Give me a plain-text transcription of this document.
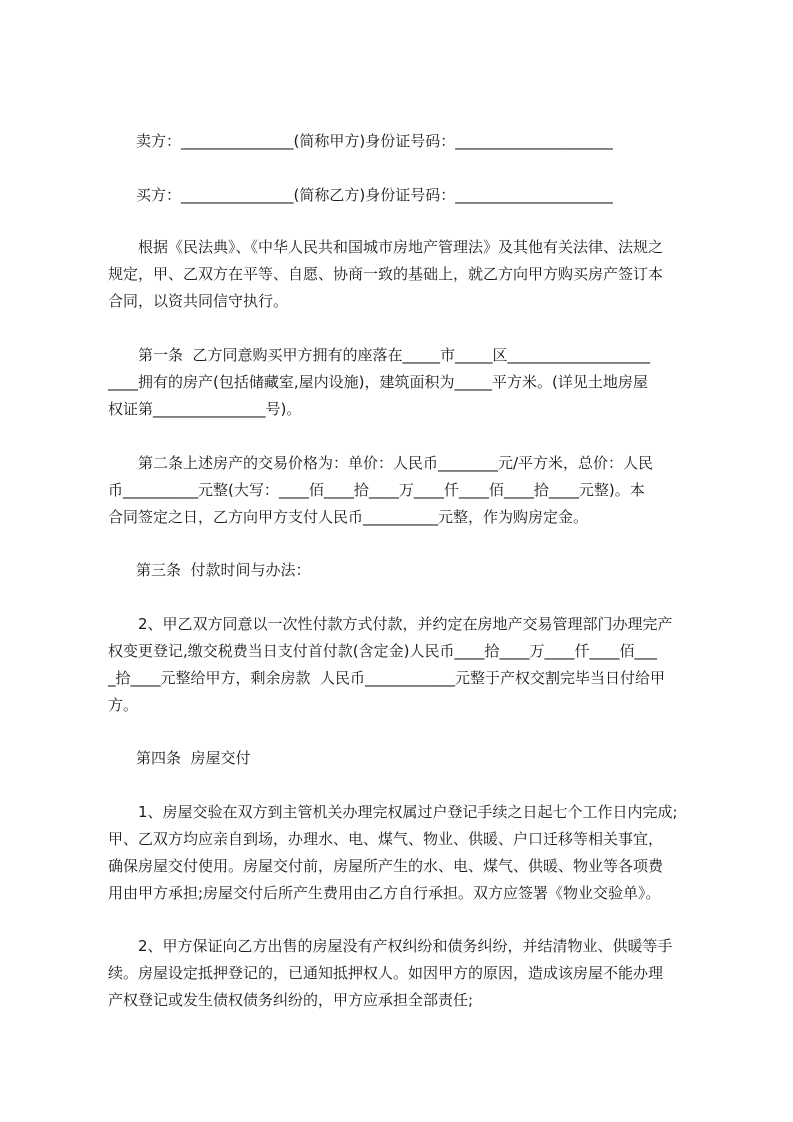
卖方：_______________(简称甲方)身份证号码：_____________________
买方：_______________(简称乙方)身份证号码：_____________________
根据《民法典》、《中华人民共和国城市房地产管理法》及其他有关法律、法规之
规定，甲、乙双方在平等、自愿、协商一致的基础上，就乙方向甲方购买房产签订本
合同，以资共同信守执行。
第一条  乙方同意购买甲方拥有的座落在_____市_____区___________________
____拥有的房产(包括储藏室,屋内设施)，建筑面积为_____平方米。(详见土地房屋
权证第_______________号)。
第二条上述房产的交易价格为：单价：人民币________元/平方米，总价：人民
币__________元整(大写：____佰____拾____万____仟____佰____拾____元整)。本
合同签定之日，乙方向甲方支付人民币__________元整，作为购房定金。
第三条  付款时间与办法：
2、甲乙双方同意以一次性付款方式付款，并约定在房地产交易管理部门办理完产
权变更登记,缴交税费当日支付首付款(含定金)人民币____拾____万____仟____佰___
_拾____元整给甲方，剩余房款  人民币____________元整于产权交割完毕当日付给甲
方。
第四条  房屋交付
1、房屋交验在双方到主管机关办理完权属过户登记手续之日起七个工作日内完成;
甲、乙双方均应亲自到场，办理水、电、煤气、物业、供暖、户口迁移等相关事宜，
确保房屋交付使用。房屋交付前，房屋所产生的水、电、煤气、供暖、物业等各项费
用由甲方承担;房屋交付后所产生费用由乙方自行承担。双方应签署《物业交验单》。
2、甲方保证向乙方出售的房屋没有产权纠纷和债务纠纷，并结清物业、供暖等手
续。房屋设定抵押登记的，已通知抵押权人。如因甲方的原因，造成该房屋不能办理
产权登记或发生债权债务纠纷的，甲方应承担全部责任;
